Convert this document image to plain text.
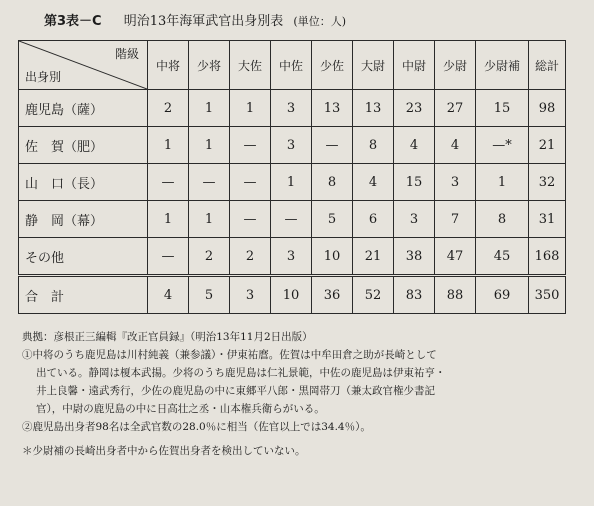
第3表－C 明治13年海軍武官出身別表 (単位：人)
階級
出身別	中将	少将	大佐	中佐	少佐	大尉	中尉	少尉	少尉補	総計
鹿児島（薩）	2	1	1	3	13	13	23	27	15	98
佐　賀（肥）	1	1	—	3	—	8	4	4	—*	21
山　口（長）	—	—	—	1	8	4	15	3	1	32
静　岡（幕）	1	1	—	—	5	6	3	7	8	31
その他	—	2	2	3	10	21	38	47	45	168
合　計	4	5	3	10	36	52	83	88	69	350

典拠：彦根正三編輯『改正官員録』（明治13年11月2日出版）

①中将のうち鹿児島は川村純義（兼参議）・伊東祐麿。佐賀は中牟田倉之助が長崎として

出ている。静岡は榎本武揚。少将のうち鹿児島は仁礼景範，中佐の鹿児島は伊東祐亨・

井上良馨・遠武秀行，少佐の鹿児島の中に東郷平八郎・黒岡帯刀（兼太政官権少書記

官），中尉の鹿児島の中に日高壮之丞・山本権兵衛らがいる。

②鹿児島出身者98名は全武官数の28.0％に相当（佐官以上では34.4％）。

＊少尉補の長崎出身者中から佐賀出身者を検出していない。
